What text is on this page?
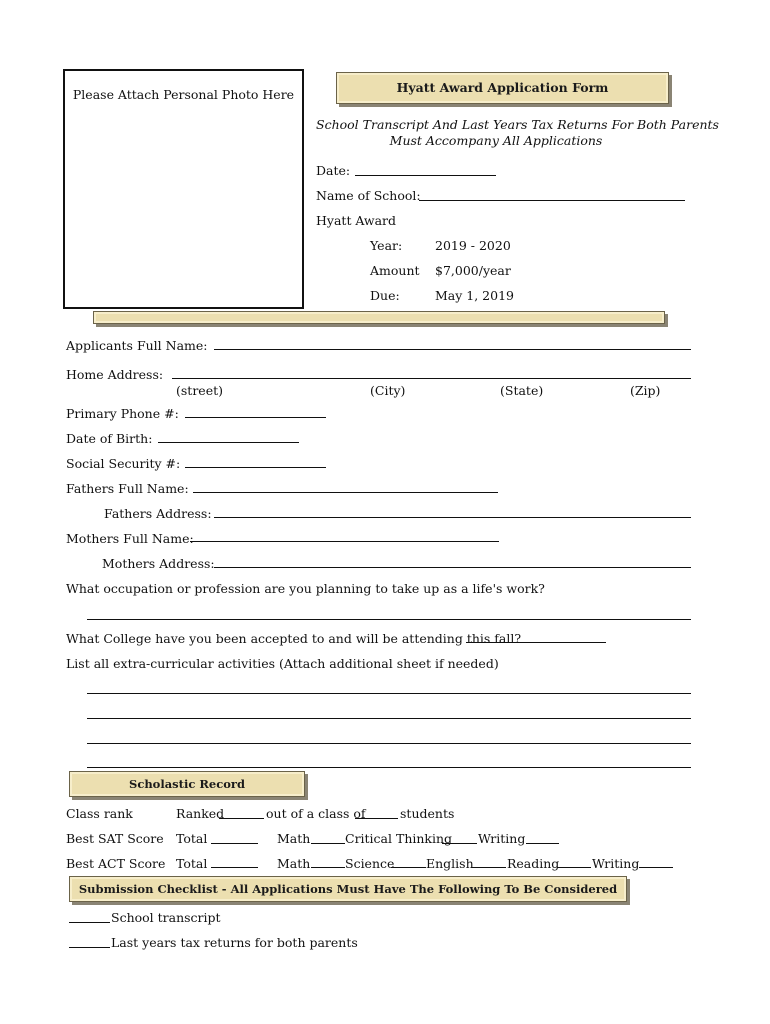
Please Attach Personal Photo Here	Hyatt Award Application Form
School Transcript And Last Years Tax Returns For Both Parents
Must Accompany All Applications
Date:
Name of School:
Hyatt Award
Year:	2019 - 2020
Amount $7,000/year
Due:	May 1, 2019
Applicants Full Name:
Home Address:
(street)	(City)	(State)	(Zip)
Primary Phone #:
Date of Birth:
Social Security #:
Fathers Full Name:
Fathers Address:
Mothers Full Name:
Mothers Address:
What occupation or profession are you planning to take up as a life's work?
What College have you been accepted to and will be attending this fall?
List all extra-curricular activities (Attach additional sheet if needed)
Scholastic Record
Class rank	Ranked	out of a class of	students
Best SAT Score Total	Math	Critical Thinking Writing
Best ACT Score Total	Math	Science	English	Reading	Writing
Submission Checklist - All Applications Must Have The Following To Be Considered
School transcript
Last years tax returns for both parents
